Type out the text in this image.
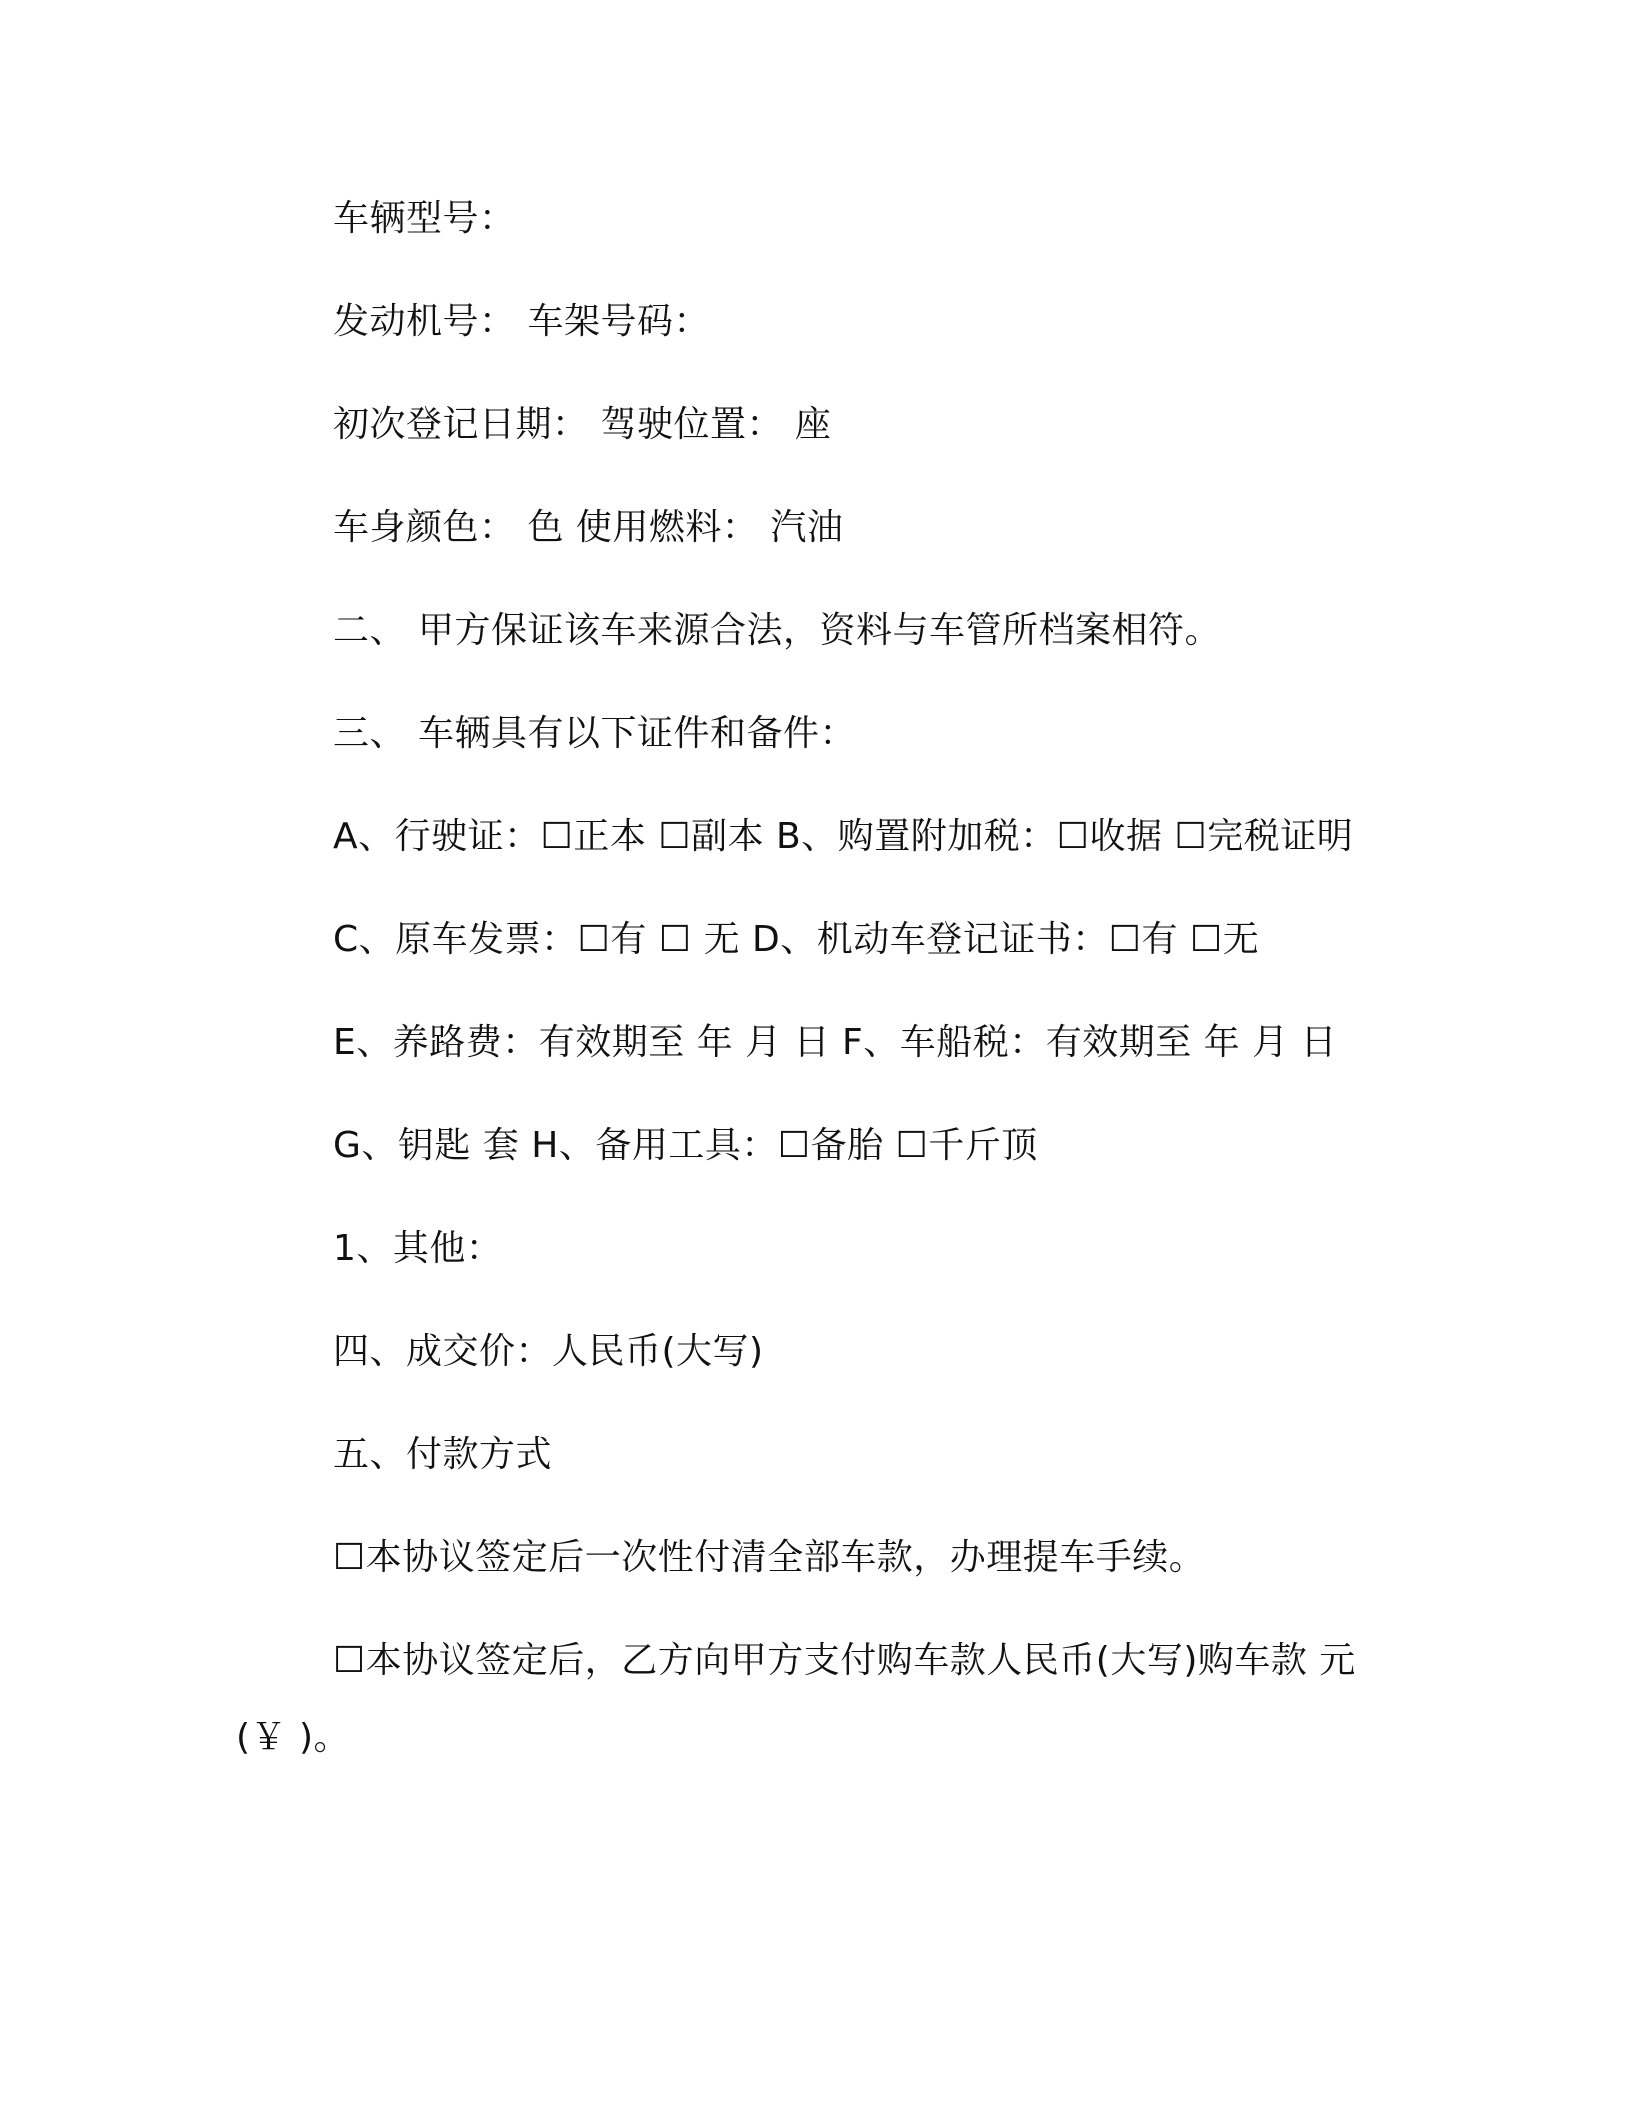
车辆型号：
发动机号： 车架号码：
初次登记日期： 驾驶位置： 座
车身颜色： 色 使用燃料： 汽油
二、 甲方保证该车来源合法，资料与车管所档案相符。
三、 车辆具有以下证件和备件：
A、行驶证：☐正本 ☐副本 B、购置附加税：☐收据 ☐完税证明
C、原车发票：☐有 ☐ 无 D、机动车登记证书：☐有 ☐无
E、养路费：有效期至 年 月 日 F、车船税：有效期至 年 月 日
G、钥匙 套 H、备用工具：☐备胎 ☐千斤顶
1、其他：
四、成交价：人民币(大写)
五、付款方式
☐本协议签定后一次性付清全部车款，办理提车手续。
☐本协议签定后，乙方向甲方支付购车款人民币(大写)购车款 元
(￥ )。
